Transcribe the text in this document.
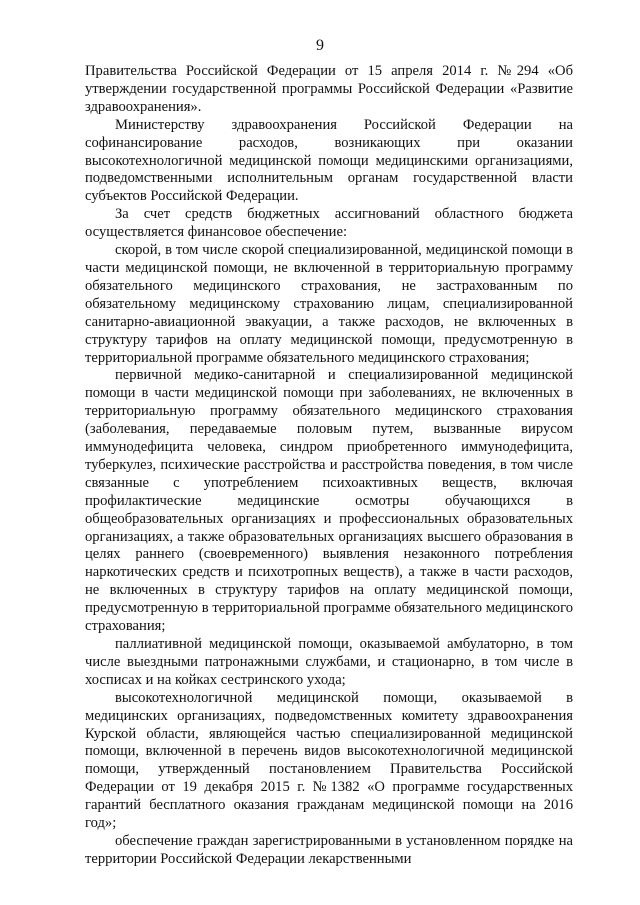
9

Правительства Российской Федерации от 15 апреля 2014 г. №294 «Об утверждении государственной программы Российской Федерации «Развитие здравоохранения».

Министерству здравоохранения Российской Федерации на софинансирование расходов, возникающих при оказании высокотехнологичной медицинской помощи медицинскими организациями, подведомственными исполнительным органам государственной власти субъектов Российской Федерации.

За счет средств бюджетных ассигнований областного бюджета осуществляется финансовое обеспечение:

скорой, в том числе скорой специализированной, медицинской помощи в части медицинской помощи, не включенной в территориальную программу обязательного медицинского страхования, не застрахованным по обязательному медицинскому страхованию лицам, специализированной санитарно-авиационной эвакуации, а также расходов, не включенных в структуру тарифов на оплату медицинской помощи, предусмотренную в территориальной программе обязательного медицинского страхования;

первичной медико-санитарной и специализированной медицинской помощи в части медицинской помощи при заболеваниях, не включенных в территориальную программу обязательного медицинского страхования (заболевания, передаваемые половым путем, вызванные вирусом иммунодефицита человека, синдром приобретенного иммунодефицита, туберкулез, психические расстройства и расстройства поведения, в том числе связанные с употреблением психоактивных веществ, включая профилактические медицинские осмотры обучающихся в общеобразовательных организациях и профессиональных образовательных организациях, а также образовательных организациях высшего образования в целях раннего (своевременного) выявления незаконного потребления наркотических средств и психотропных веществ), а также в части расходов, не включенных в структуру тарифов на оплату медицинской помощи, предусмотренную в территориальной программе обязательного медицинского страхования;

паллиативной медицинской помощи, оказываемой амбулаторно, в том числе выездными патронажными службами, и стационарно, в том числе в хосписах и на койках сестринского ухода;

высокотехнологичной медицинской помощи, оказываемой в медицинских организациях, подведомственных комитету здравоохранения Курской области, являющейся частью специализированной медицинской помощи, включенной в перечень видов высокотехнологичной медицинской помощи, утвержденный постановлением Правительства Российской Федерации от 19 декабря 2015 г. №1382 «О программе государственных гарантий бесплатного оказания гражданам медицинской помощи на 2016 год»;

обеспечение граждан зарегистрированными в установленном порядке на территории Российской Федерации лекарственными
